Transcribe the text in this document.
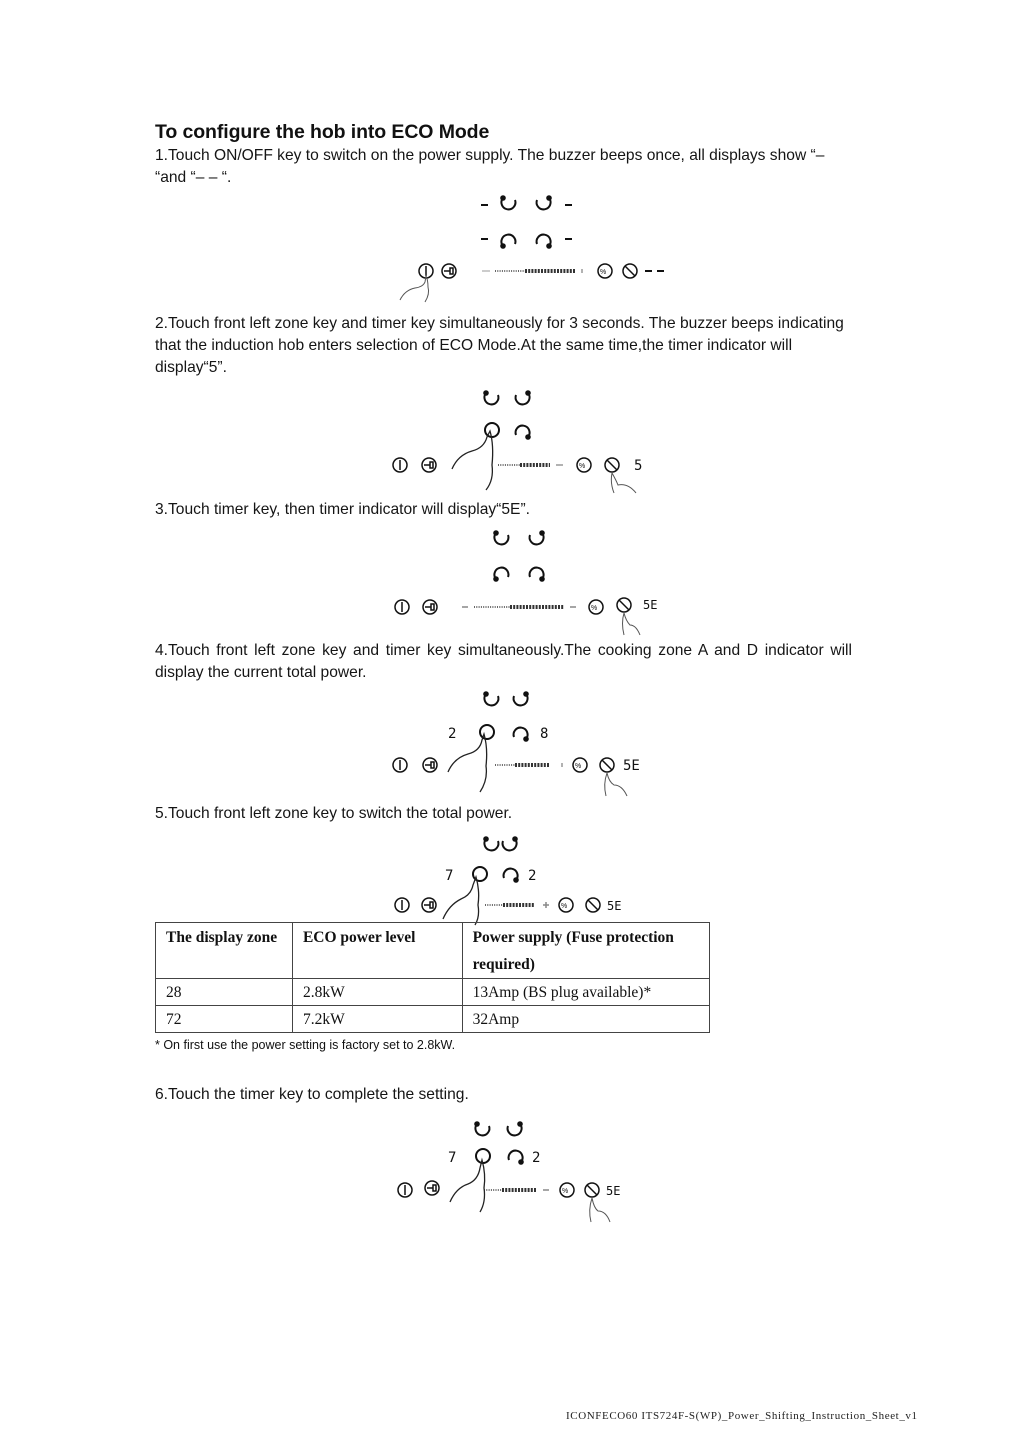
To configure the hob into ECO Mode
1.Touch ON/OFF key to switch on the power supply. The buzzer beeps once, all displays show “– “and “– – “.
%
2.Touch front left zone key and timer key simultaneously for 3 seconds. The buzzer beeps indicating that the induction hob enters selection of ECO Mode.At the same time,the timer indicator will display“5”.
%	5
3.Touch timer key, then timer indicator will display“5E”.
%	5E
4.Touch front left zone key and timer key simultaneously.The cooking zone A and D indicator will display the current total power.
2	8
%	5E
5.Touch front left zone key to switch the total power.
7	2
%	5E
The display zone	ECO power level	Power supply (Fuse protection required)
28	2.8kW	13Amp (BS plug available)*
72	7.2kW	32Amp
* On first use the power setting is factory set to 2.8kW.
6.Touch the timer key to complete the setting.
7	2
%	5E
ICONFECO60 ITS724F-S(WP)_Power_Shifting_Instruction_Sheet_v1
